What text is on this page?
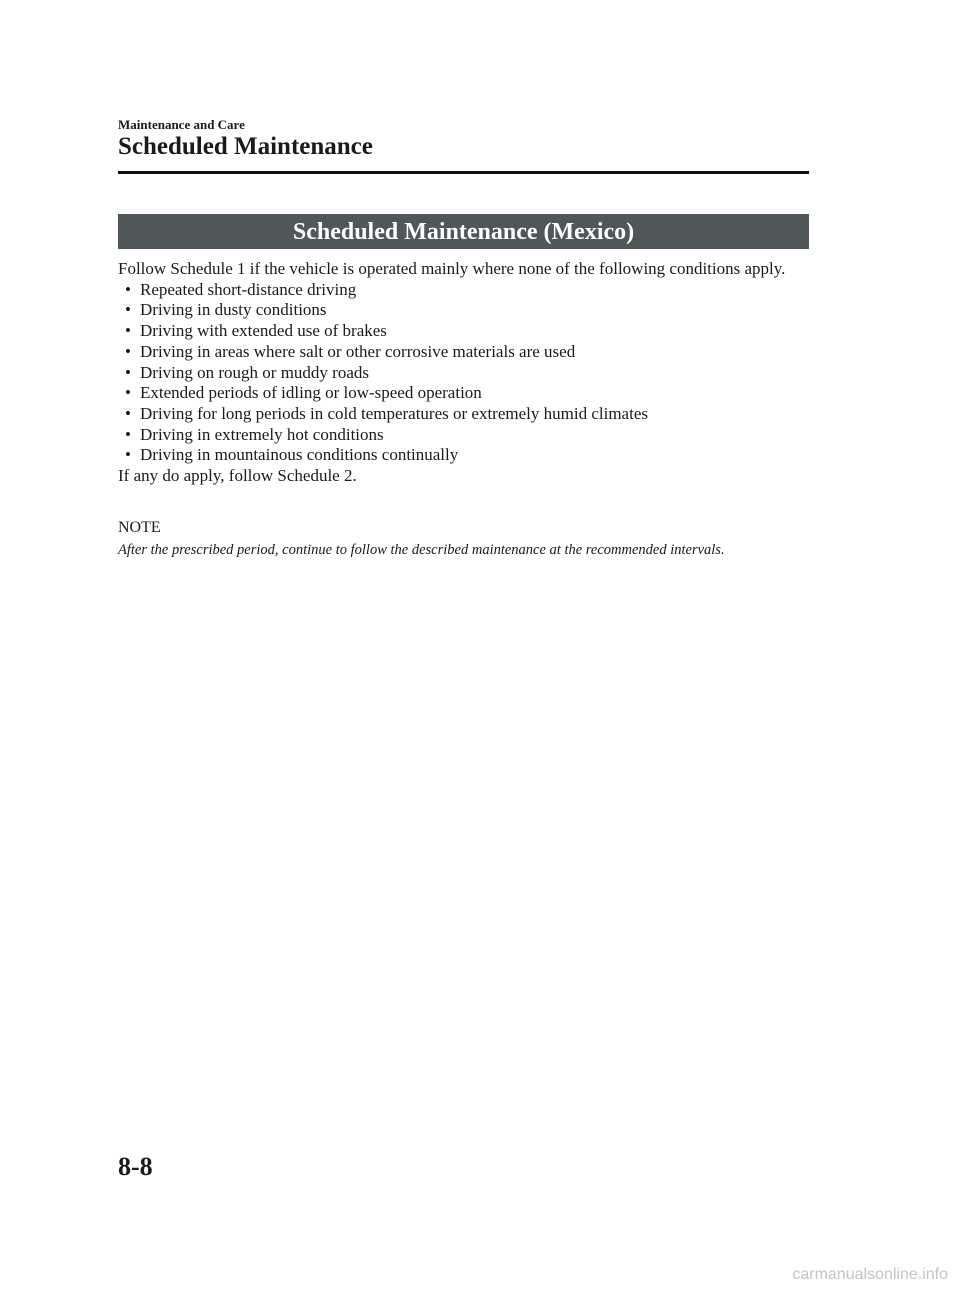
Maintenance and Care
Scheduled Maintenance
Scheduled Maintenance (Mexico)

Follow Schedule 1 if the vehicle is operated mainly where none of the following conditions apply.

• Repeated short-distance driving
• Driving in dusty conditions
• Driving with extended use of brakes
• Driving in areas where salt or other corrosive materials are used
• Driving on rough or muddy roads
• Extended periods of idling or low-speed operation
• Driving for long periods in cold temperatures or extremely humid climates
• Driving in extremely hot conditions
• Driving in mountainous conditions continually

If any do apply, follow Schedule 2.

NOTE

After the prescribed period, continue to follow the described maintenance at the recommended intervals.

8-8
carmanualsonline.info
